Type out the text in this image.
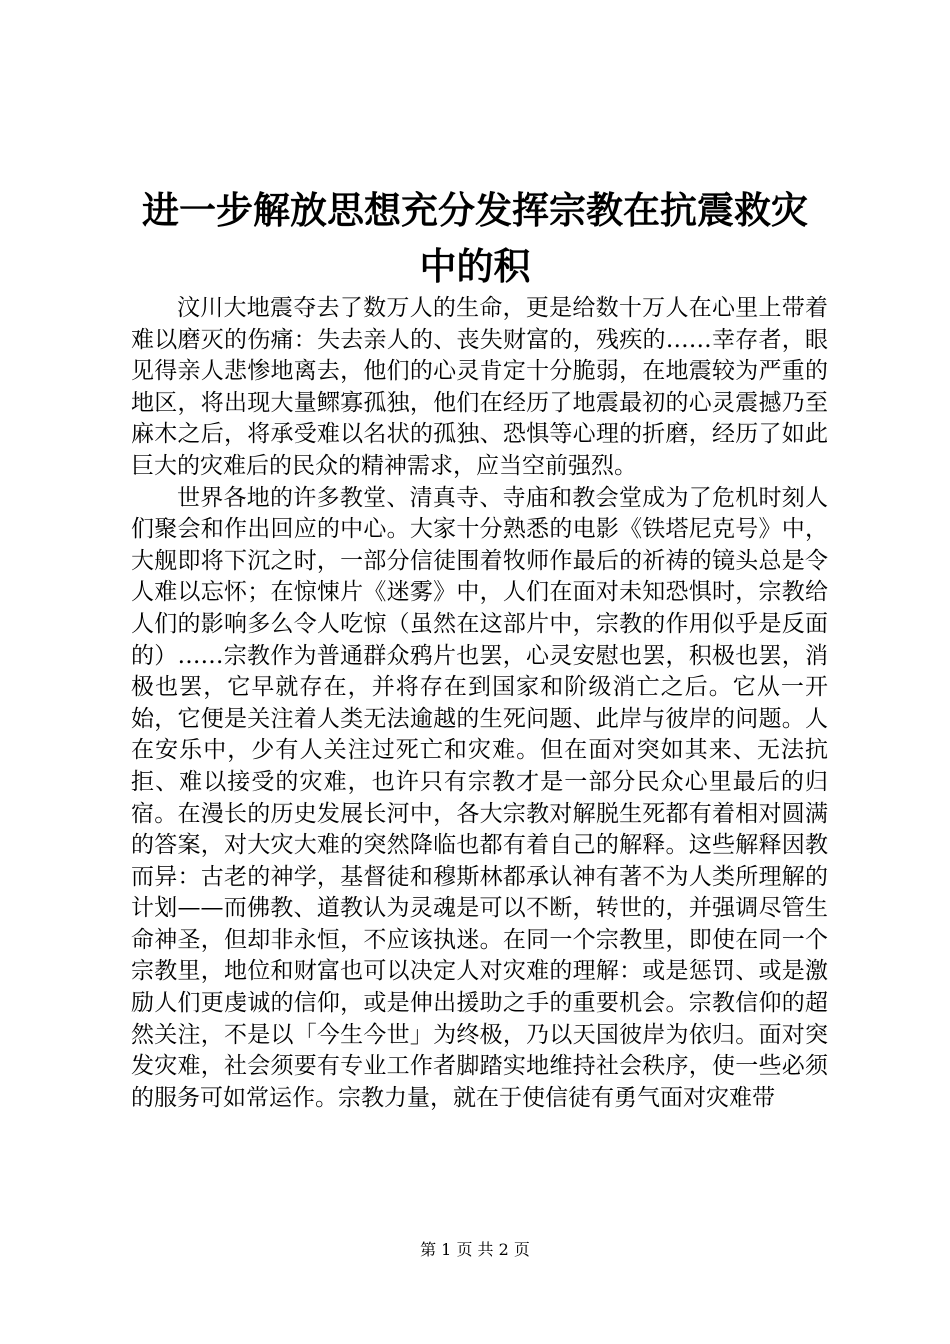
进一步解放思想充分发挥宗教在抗震救灾中的积

汶川大地震夺去了数万人的生命，更是给数十万人在心里上带着难以磨灭的伤痛：失去亲人的、丧失财富的，残疾的……幸存者，眼见得亲人悲惨地离去，他们的心灵肯定十分脆弱，在地震较为严重的地区，将出现大量鳏寡孤独，他们在经历了地震最初的心灵震撼乃至麻木之后，将承受难以名状的孤独、恐惧等心理的折磨，经历了如此巨大的灾难后的民众的精神需求，应当空前强烈。

世界各地的许多教堂、清真寺、寺庙和教会堂成为了危机时刻人们聚会和作出回应的中心。大家十分熟悉的电影《铁塔尼克号》中，大舰即将下沉之时，一部分信徒围着牧师作最后的祈祷的镜头总是令人难以忘怀；在惊悚片《迷雾》中，人们在面对未知恐惧时，宗教给人们的影响多么令人吃惊（虽然在这部片中，宗教的作用似乎是反面的）……宗教作为普通群众鸦片也罢，心灵安慰也罢，积极也罢，消极也罢，它早就存在，并将存在到国家和阶级消亡之后。它从一开始，它便是关注着人类无法逾越的生死问题、此岸与彼岸的问题。人在安乐中，少有人关注过死亡和灾难。但在面对突如其来、无法抗拒、难以接受的灾难，也许只有宗教才是一部分民众心里最后的归宿。在漫长的历史发展长河中，各大宗教对解脱生死都有着相对圆满的答案，对大灾大难的突然降临也都有着自己的解释。这些解释因教而异：古老的神学，基督徒和穆斯林都承认神有著不为人类所理解的计划——而佛教、道教认为灵魂是可以不断，转世的，并强调尽管生命神圣，但却非永恒，不应该执迷。在同一个宗教里，即使在同一个宗教里，地位和财富也可以决定人对灾难的理解：或是惩罚、或是激励人们更虔诚的信仰，或是伸出援助之手的重要机会。宗教信仰的超然关注，不是以「今生今世」为终极，乃以天国彼岸为依归。面对突发灾难，社会须要有专业工作者脚踏实地维持社会秩序，使一些必须的服务可如常运作。宗教力量，就在于使信徒有勇气面对灾难带

第 1 页 共 2 页
